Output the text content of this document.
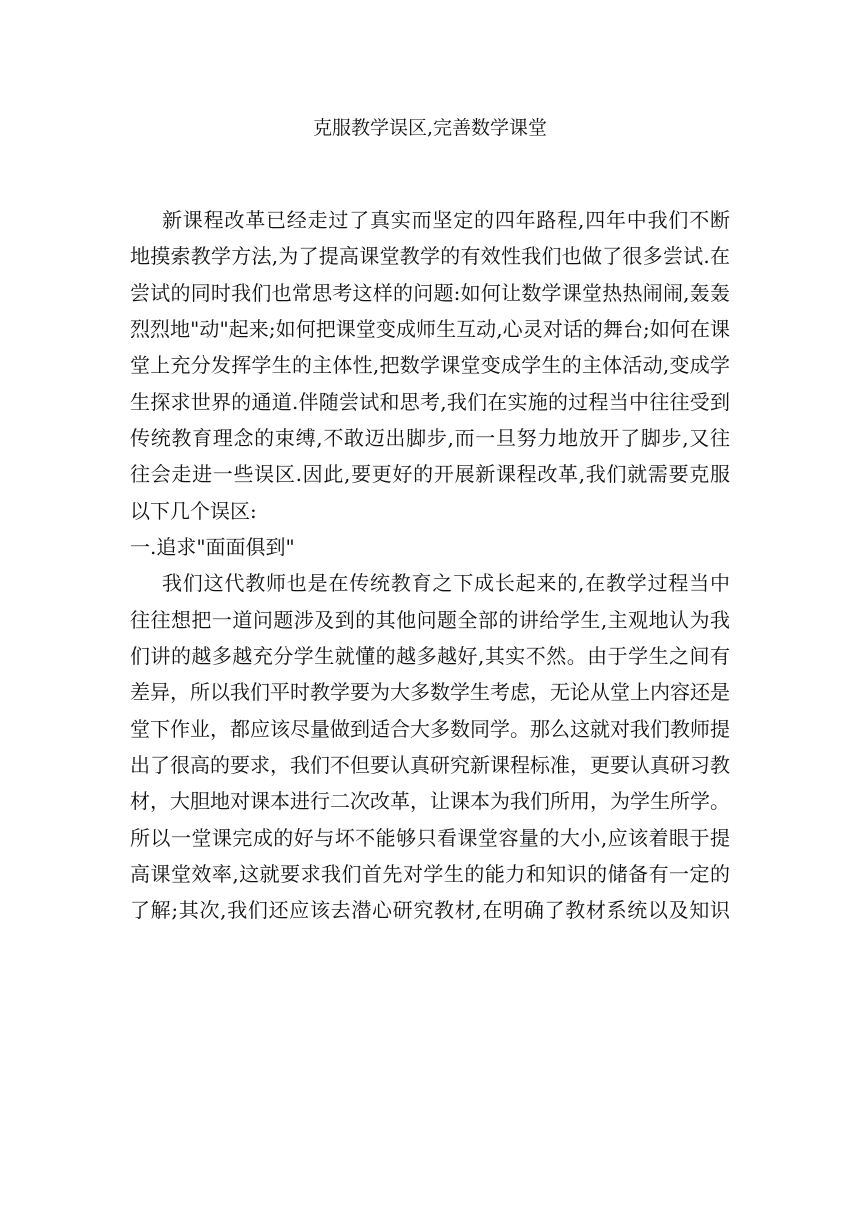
克服教学误区,完善数学课堂
新课程改革已经走过了真实而坚定的四年路程,四年中我们不断
地摸索教学方法,为了提高课堂教学的有效性我们也做了很多尝试.在
尝试的同时我们也常思考这样的问题:如何让数学课堂热热闹闹,轰轰
烈烈地"动"起来;如何把课堂变成师生互动,心灵对话的舞台;如何在课
堂上充分发挥学生的主体性,把数学课堂变成学生的主体活动,变成学
生探求世界的通道.伴随尝试和思考,我们在实施的过程当中往往受到
传统教育理念的束缚,不敢迈出脚步,而一旦努力地放开了脚步,又往
往会走进一些误区.因此,要更好的开展新课程改革,我们就需要克服
以下几个误区:
一.追求"面面俱到"
我们这代教师也是在传统教育之下成长起来的,在教学过程当中
往往想把一道问题涉及到的其他问题全部的讲给学生,主观地认为我
们讲的越多越充分学生就懂的越多越好,其实不然。由于学生之间有
差异，所以我们平时教学要为大多数学生考虑，无论从堂上内容还是
堂下作业，都应该尽量做到适合大多数同学。那么这就对我们教师提
出了很高的要求，我们不但要认真研究新课程标准，更要认真研习教
材，大胆地对课本进行二次改革，让课本为我们所用，为学生所学。
所以一堂课完成的好与坏不能够只看课堂容量的大小,应该着眼于提
高课堂效率,这就要求我们首先对学生的能力和知识的储备有一定的
了解;其次,我们还应该去潜心研究教材,在明确了教材系统以及知识
